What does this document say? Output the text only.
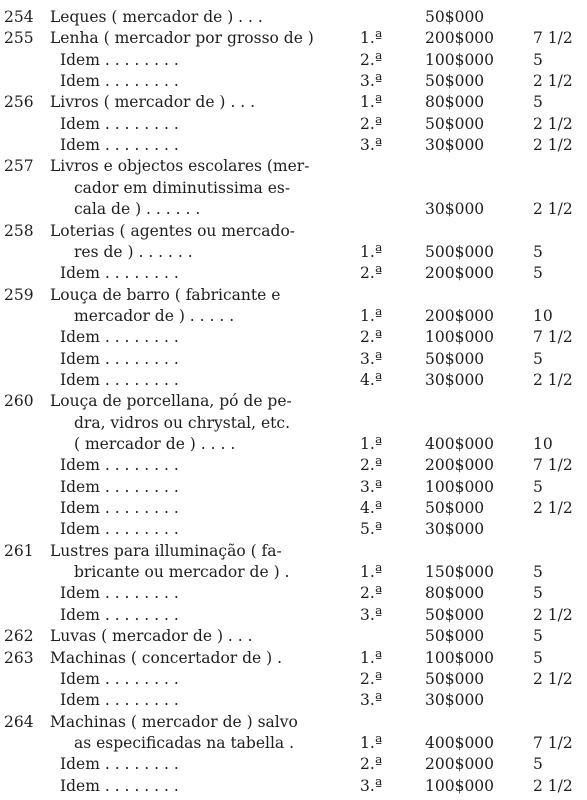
254 Leques ( mercador de ) . . .	50$000
255 Lenha ( mercador por grosso de )	1.ª	200$000	7 1/2
Idem . . . . . . . .	2.ª	100$000	5
Idem . . . . . . . .	3.ª	50$000	2 1/2
256 Livros ( mercador de ) . . .	1.ª	80$000	5
Idem . . . . . . . .	2.ª	50$000	2 1/2
Idem . . . . . . . .	3.ª	30$000	2 1/2
257 Livros e objectos escolares (mer-
cador em diminutissima es-
cala de ) . . . . . .	30$000	2 1/2
258 Loterias ( agentes ou mercado-
res de ) . . . . . .	1.ª	500$000	5
Idem . . . . . . . .	2.ª	200$000	5
259 Louça de barro ( fabricante e
mercador de ) . . . . .	1.ª	200$000	10
Idem . . . . . . . .	2.ª	100$000	7 1/2
Idem . . . . . . . .	3.ª	50$000	5
Idem . . . . . . . .	4.ª	30$000	2 1/2
260 Louça de porcellana, pó de pe-
dra, vidros ou chrystal, etc.
( mercador de ) . . . .	1.ª	400$000	10
Idem . . . . . . . .	2.ª	200$000	7 1/2
Idem . . . . . . . .	3.ª	100$000	5
Idem . . . . . . . .	4.ª	50$000	2 1/2
Idem . . . . . . . .	5.ª	30$000
261 Lustres para illuminação ( fa-
bricante ou mercador de ) .	1.ª	150$000	5
Idem . . . . . . . .	2.ª	80$000	5
Idem . . . . . . . .	3.ª	50$000	2 1/2
262 Luvas ( mercador de ) . . .	50$000	5
263 Machinas ( concertador de ) .	1.ª	100$000	5
Idem . . . . . . . .	2.ª	50$000	2 1/2
Idem . . . . . . . .	3.ª	30$000
264 Machinas ( mercador de ) salvo
as especificadas na tabella .	1.ª	400$000	7 1/2
Idem . . . . . . . .	2.ª	200$000	5
Idem . . . . . . . .	3.ª	100$000	2 1/2
